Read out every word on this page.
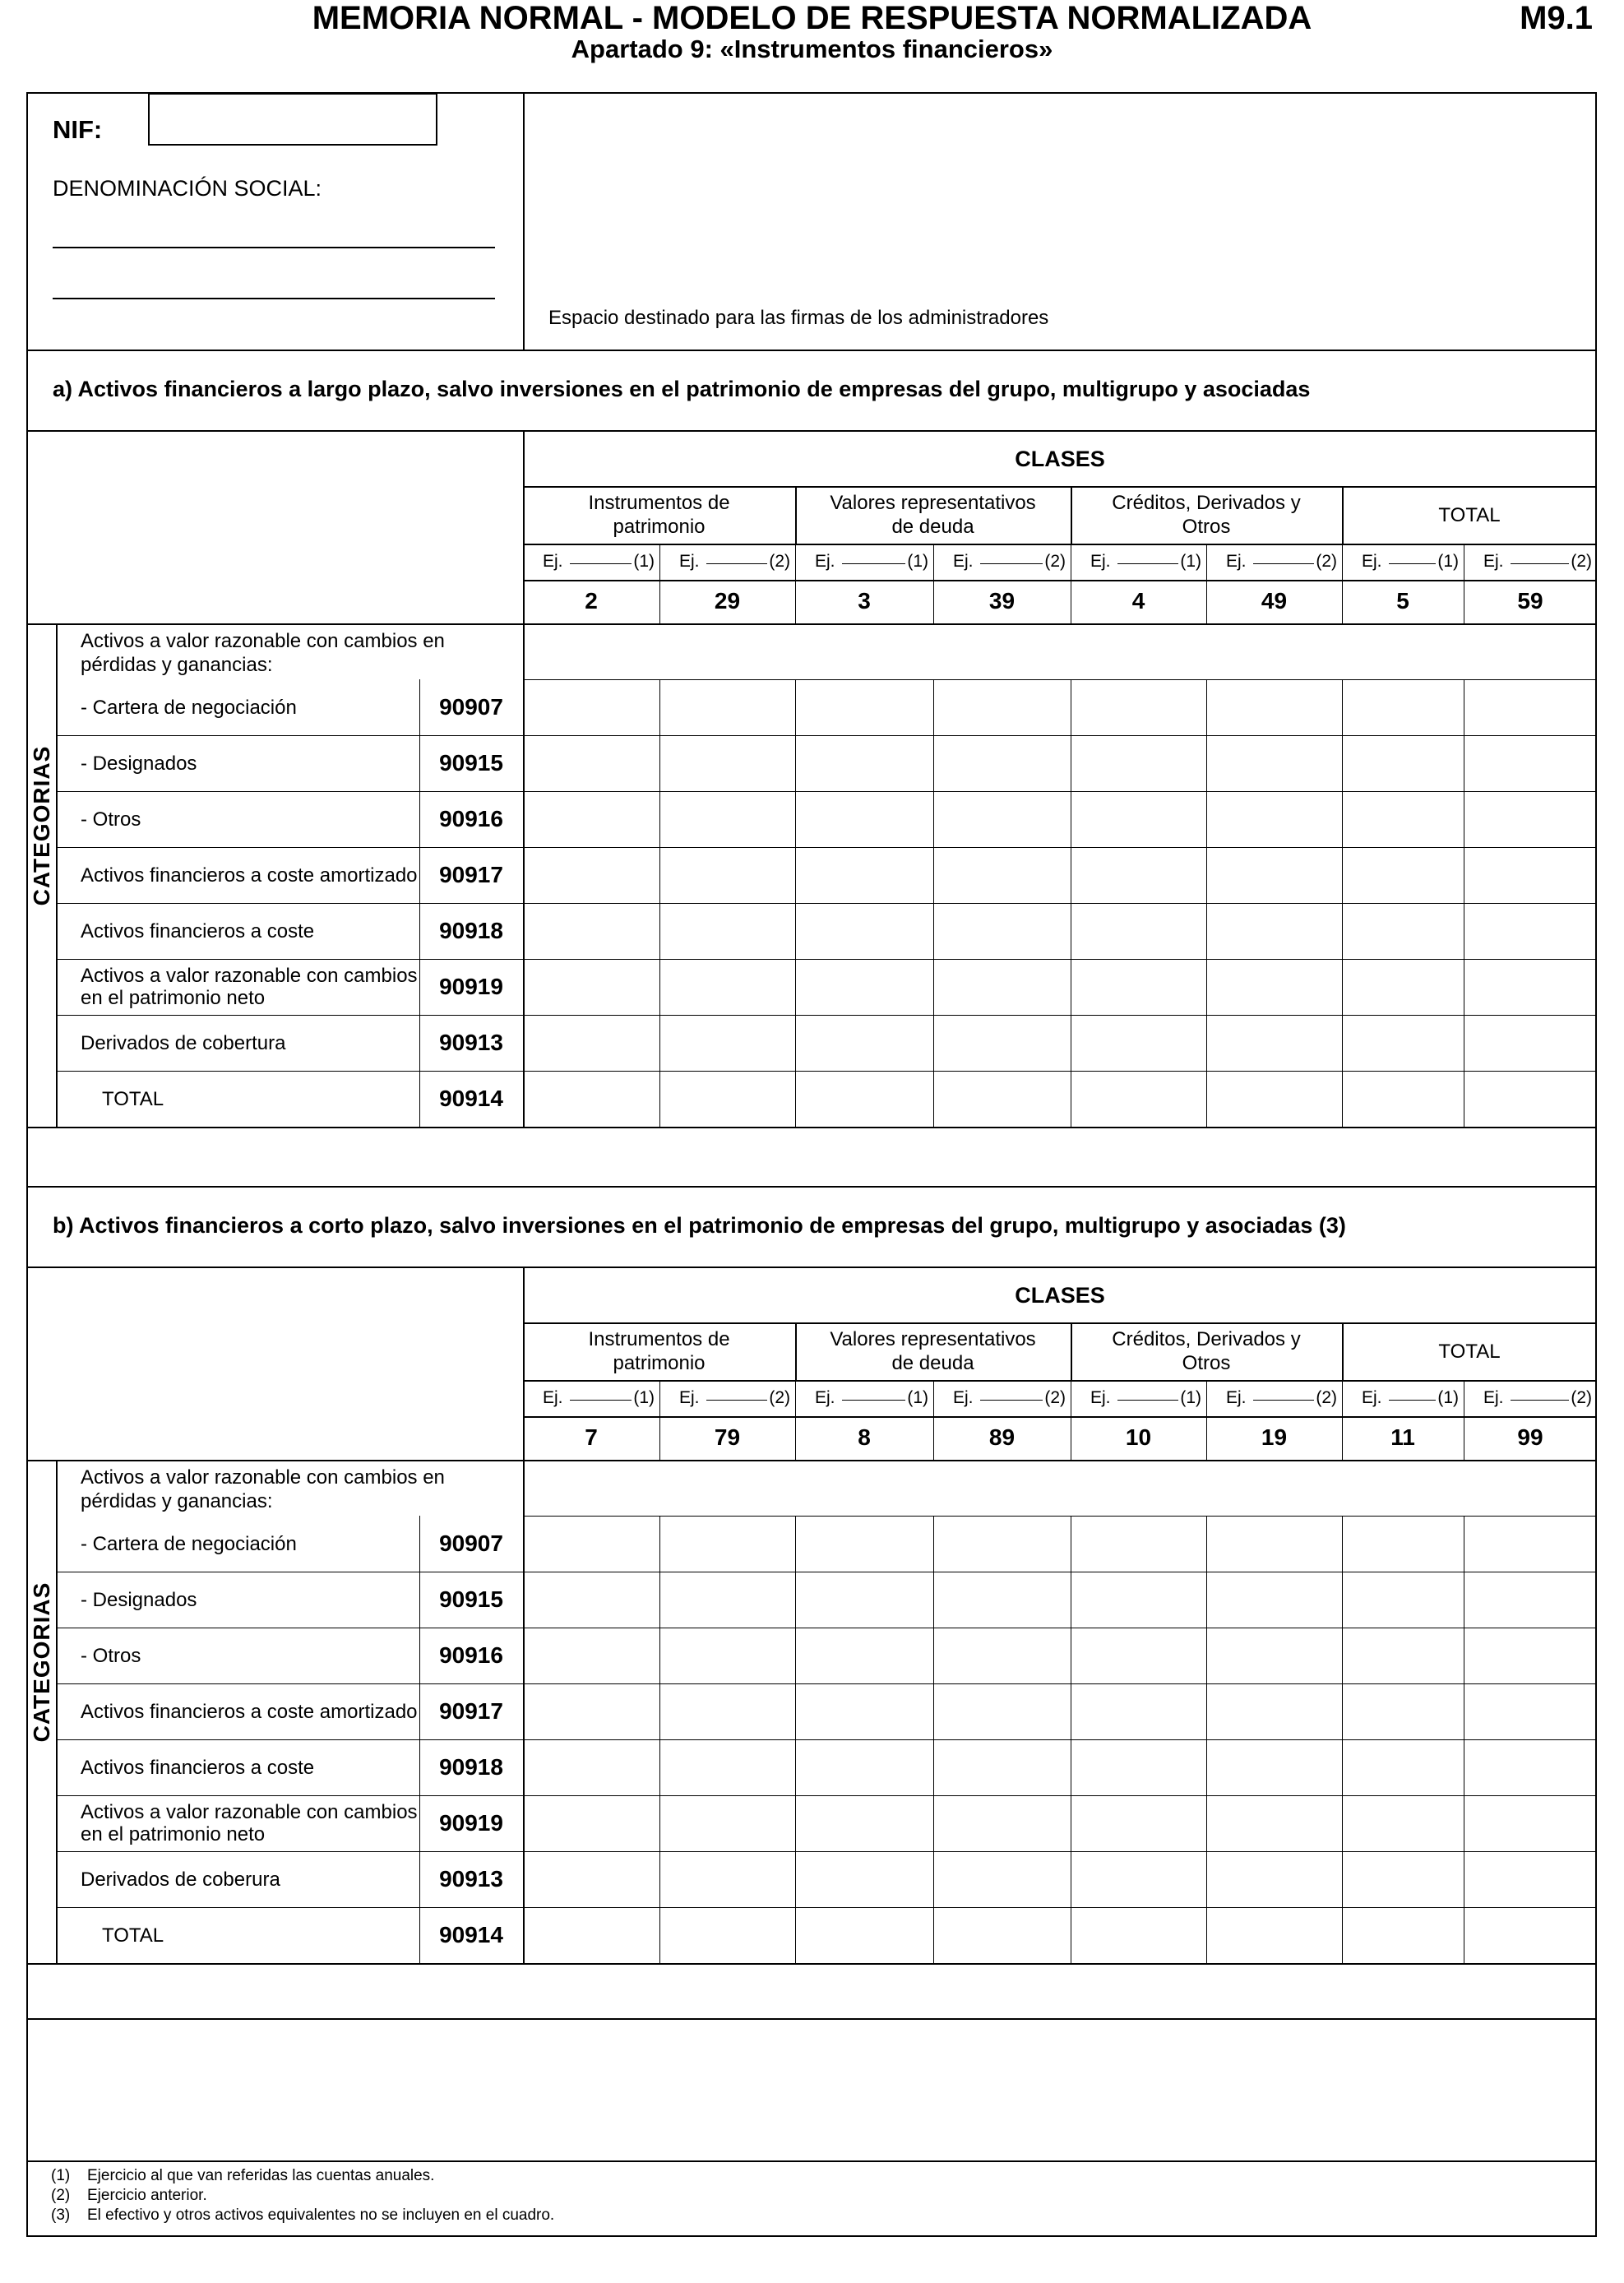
MEMORIA NORMAL - MODELO DE RESPUESTA NORMALIZADA
Apartado 9: «Instrumentos financieros»
M9.1
NIF:
DENOMINACIÓN SOCIAL:
Espacio destinado para las firmas de los administradores
a) Activos financieros a largo plazo, salvo inversiones en el patrimonio de empresas del grupo, multigrupo y asociadas
CLASES
Instrumentos de patrimonio
Valores representativos de deuda
Créditos, Derivados y Otros
TOTAL
Ej.	(1) Ej.	(2) Ej.	(1) Ej.	(2) Ej.	(1) Ej.	(2) Ej.	(1) Ej.	(2)
2	29	3	39	4	49	5	59
Activos a valor razonable con cambios en pérdidas y ganancias:
CATEGORIAS
- Cartera de negociación	90907
- Designados	90915
- Otros	90916
Activos financieros a coste amortizado 90917
Activos financieros a coste	90918
Activos a valor razonable con cambios en el patrimonio neto	90919
Derivados de cobertura	90913
TOTAL	90914
b) Activos financieros a corto plazo, salvo inversiones en el patrimonio de empresas del grupo, multigrupo y asociadas (3)
CLASES
Instrumentos de patrimonio
Valores representativos de deuda
Créditos, Derivados y Otros
TOTAL
Ej.	(1) Ej.	(2) Ej.	(1) Ej.	(2) Ej.	(1) Ej.	(2) Ej.	(1) Ej.	(2)
7	79	8	89	10	19	11	99
Activos a valor razonable con cambios en pérdidas y ganancias:
CATEGORIAS
- Cartera de negociación	90907
- Designados	90915
- Otros	90916
Activos financieros a coste amortizado 90917
Activos financieros a coste	90918
Activos a valor razonable con cambios en el patrimonio neto	90919
Derivados de coberura	90913
TOTAL	90914
(1) Ejercicio al que van referidas las cuentas anuales.
(2) Ejercicio anterior.
(3) El efectivo y otros activos equivalentes no se incluyen en el cuadro.
